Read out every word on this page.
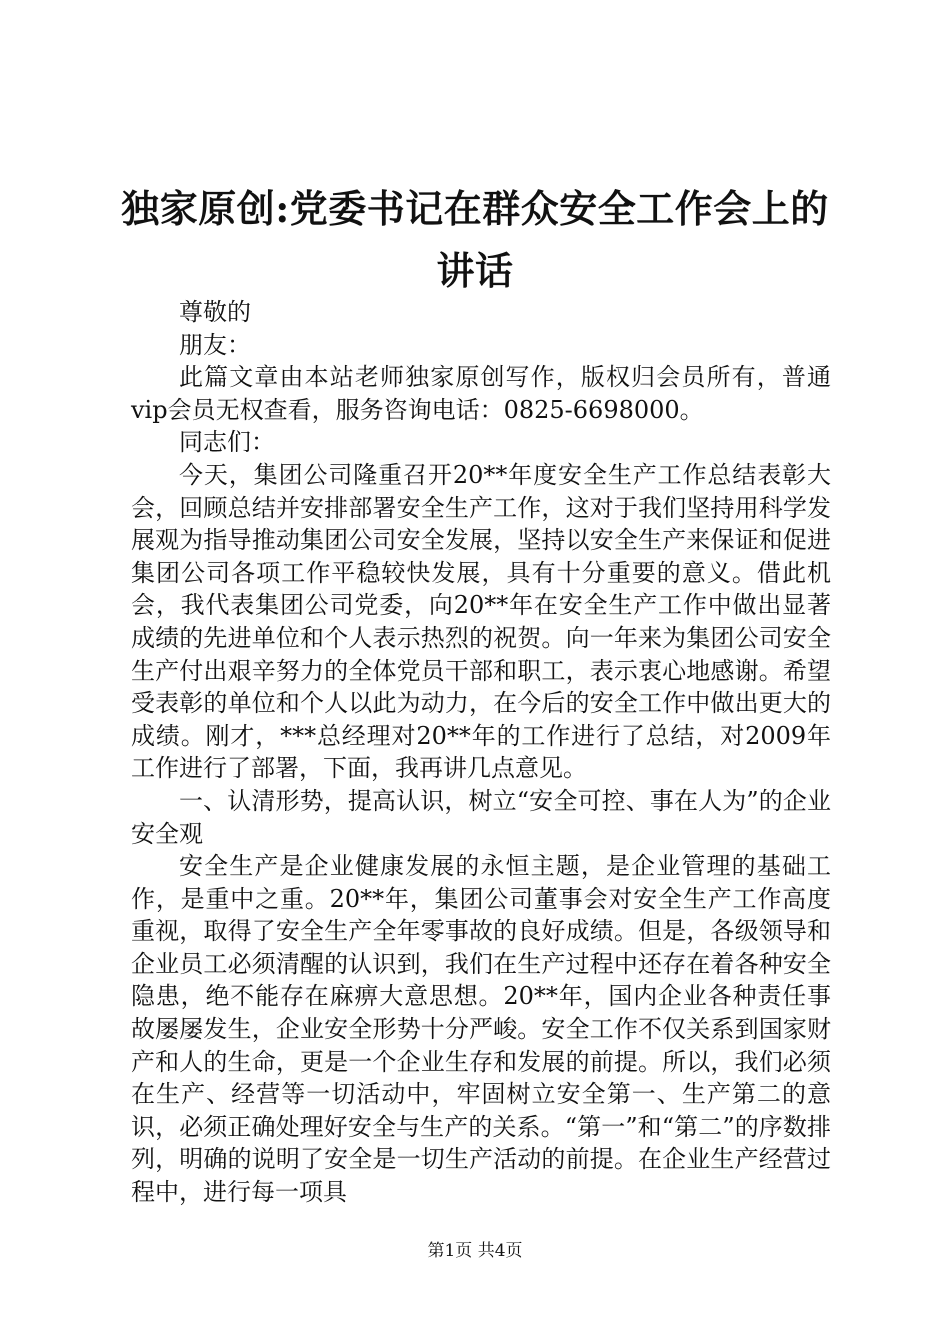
独家原创:党委书记在群众安全工作会上的讲话

尊敬的

朋友：

此篇文章由本站老师独家原创写作，版权归会员所有，普通vip会员无权查看，服务咨询电话：0825-6698000。

同志们：

今天，集团公司隆重召开20**年度安全生产工作总结表彰大会，回顾总结并安排部署安全生产工作，这对于我们坚持用科学发展观为指导推动集团公司安全发展，坚持以安全生产来保证和促进集团公司各项工作平稳较快发展，具有十分重要的意义。借此机会，我代表集团公司党委，向20**年在安全生产工作中做出显著成绩的先进单位和个人表示热烈的祝贺。向一年来为集团公司安全生产付出艰辛努力的全体党员干部和职工，表示衷心地感谢。希望受表彰的单位和个人以此为动力，在今后的安全工作中做出更大的成绩。刚才，***总经理对20**年的工作进行了总结，对2009年工作进行了部署，下面，我再讲几点意见。

一、认清形势，提高认识，树立“安全可控、事在人为”的企业安全观

安全生产是企业健康发展的永恒主题，是企业管理的基础工作，是重中之重。20**年，集团公司董事会对安全生产工作高度重视，取得了安全生产全年零事故的良好成绩。但是，各级领导和企业员工必须清醒的认识到，我们在生产过程中还存在着各种安全隐患，绝不能存在麻痹大意思想。20**年，国内企业各种责任事故屡屡发生，企业安全形势十分严峻。安全工作不仅关系到国家财产和人的生命，更是一个企业生存和发展的前提。所以，我们必须在生产、经营等一切活动中，牢固树立安全第一、生产第二的意识，必须正确处理好安全与生产的关系。“第一”和“第二”的序数排列，明确的说明了安全是一切生产活动的前提。在企业生产经营过程中，进行每一项具

第1页 共4页
